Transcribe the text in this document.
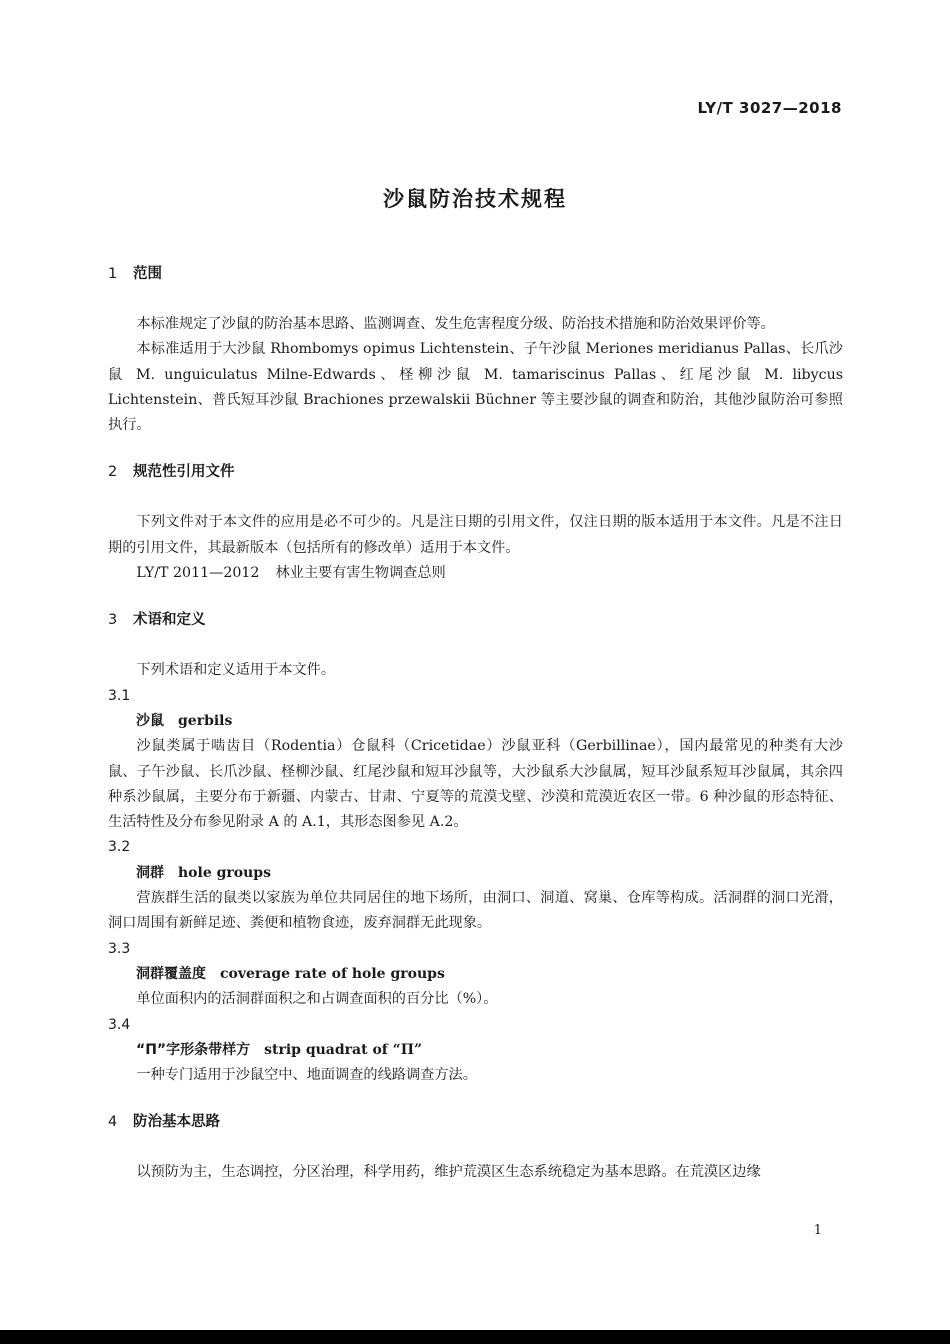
LY/T 3027—2018
沙鼠防治技术规程
1 范围

本标准规定了沙鼠的防治基本思路、监测调查、发生危害程度分级、防治技术措施和防治效果评价等。

本标准适用于大沙鼠 Rhombomys opimus Lichtenstein、子午沙鼠 Meriones meridianus Pallas、长爪沙鼠 M. unguiculatus Milne-Edwards、柽柳沙鼠 M. tamariscinus Pallas、红尾沙鼠 M. libycus Lichtenstein、普氏短耳沙鼠 Brachiones przewalskii Büchner 等主要沙鼠的调查和防治，其他沙鼠防治可参照执行。

2 规范性引用文件

下列文件对于本文件的应用是必不可少的。凡是注日期的引用文件，仅注日期的版本适用于本文件。凡是不注日期的引用文件，其最新版本（包括所有的修改单）适用于本文件。

LY/T 2011—2012 林业主要有害生物调查总则

3 术语和定义

下列术语和定义适用于本文件。

3.1
沙鼠 gerbils

沙鼠类属于啮齿目（Rodentia）仓鼠科（Cricetidae）沙鼠亚科（Gerbillinae），国内最常见的种类有大沙鼠、子午沙鼠、长爪沙鼠、柽柳沙鼠、红尾沙鼠和短耳沙鼠等，大沙鼠系大沙鼠属，短耳沙鼠系短耳沙鼠属，其余四种系沙鼠属，主要分布于新疆、内蒙古、甘肃、宁夏等的荒漠戈壁、沙漠和荒漠近农区一带。6 种沙鼠的形态特征、生活特性及分布参见附录 A 的 A.1，其形态图参见 A.2。

3.2
洞群 hole groups

营族群生活的鼠类以家族为单位共同居住的地下场所，由洞口、洞道、窝巢、仓库等构成。活洞群的洞口光滑，洞口周围有新鲜足迹、粪便和植物食迹，废弃洞群无此现象。

3.3
洞群覆盖度 coverage rate of hole groups

单位面积内的活洞群面积之和占调查面积的百分比（%）。

3.4
“Π”字形条带样方 strip quadrat of “Π”

一种专门适用于沙鼠空中、地面调查的线路调查方法。

4 防治基本思路

以预防为主，生态调控，分区治理，科学用药，维护荒漠区生态系统稳定为基本思路。在荒漠区边缘

1
